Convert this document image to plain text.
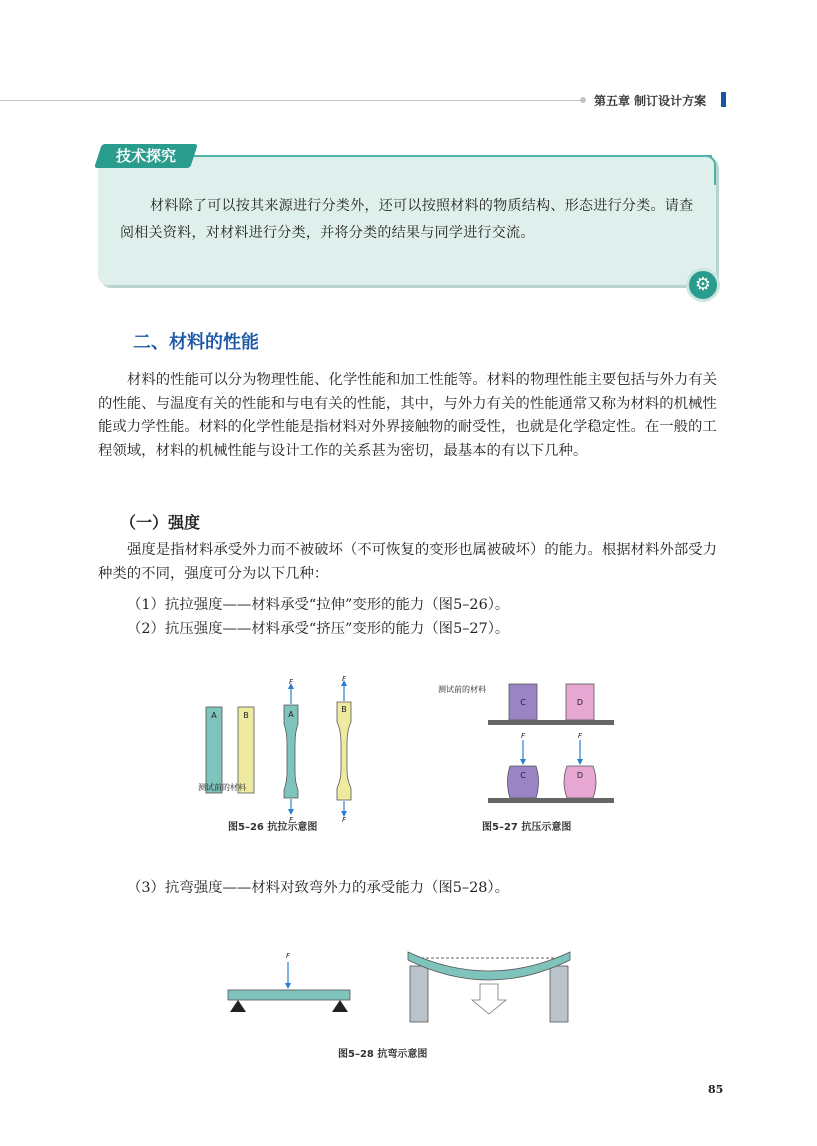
第五章 制订设计方案
技术探究
材料除了可以按其来源进行分类外，还可以按照材料的物质结构、形态进行分类。请查阅相关资料，对材料进行分类，并将分类的结果与同学进行交流。
⚙
二、材料的性能
材料的性能可以分为物理性能、化学性能和加工性能等。材料的物理性能主要包括与外力有关的性能、与温度有关的性能和与电有关的性能，其中，与外力有关的性能通常又称为材料的机械性能或力学性能。材料的化学性能是指材料对外界接触物的耐受性，也就是化学稳定性。在一般的工程领域，材料的机械性能与设计工作的关系甚为密切，最基本的有以下几种。
（一）强度
强度是指材料承受外力而不被破坏（不可恢复的变形也属被破坏）的能力。根据材料外部受力种类的不同，强度可分为以下几种：
（1）抗拉强度——材料承受“拉伸”变形的能力（图5–26）。
（2）抗压强度——材料承受“挤压”变形的能力（图5–27）。
A	B	A
F
F
B
F
F
测试前的材料
图5–26 抗拉示意图
测试前的材料
C	D
F	F
C	D
图5–27 抗压示意图
（3）抗弯强度——材料对致弯外力的承受能力（图5–28）。
F
图5–28 抗弯示意图
85
